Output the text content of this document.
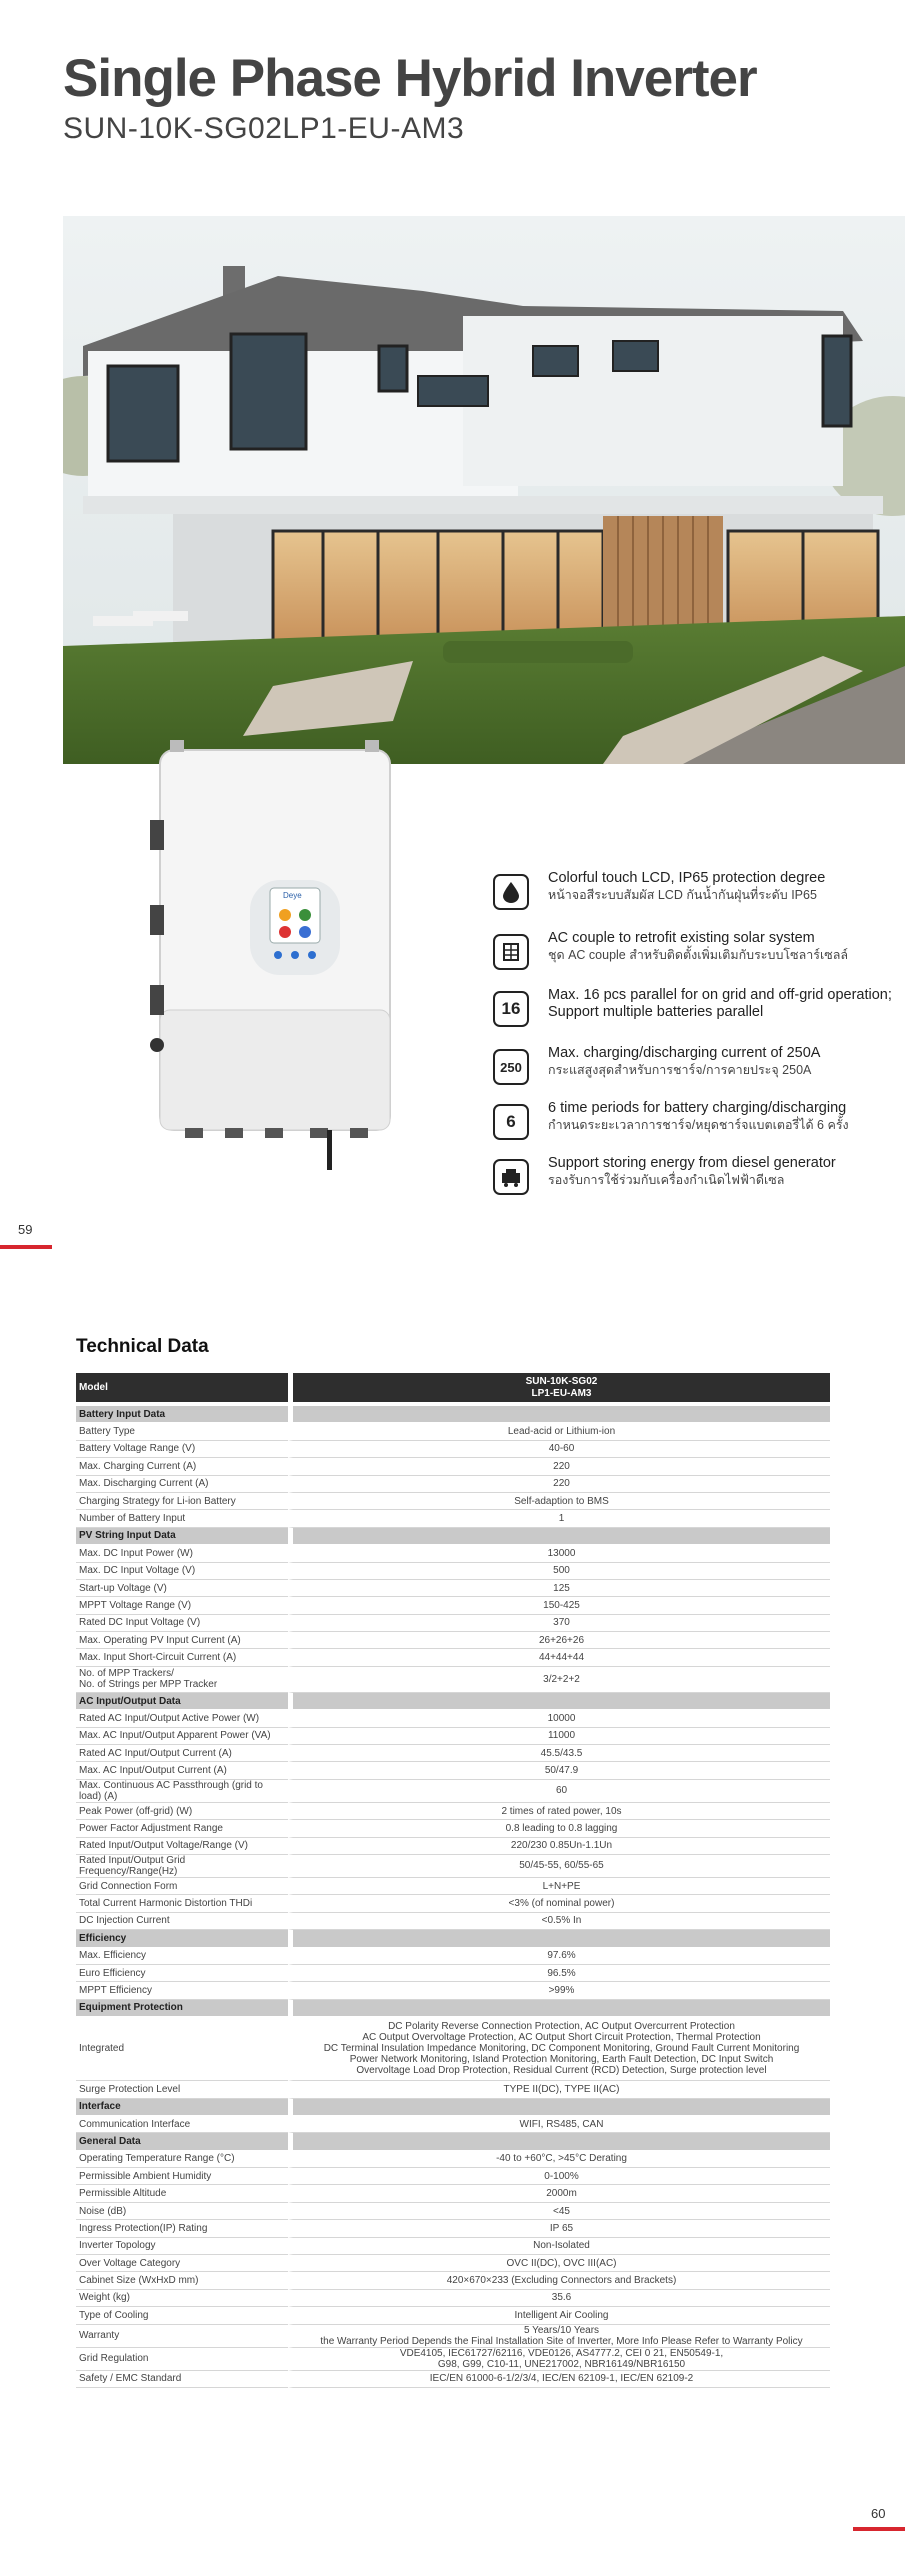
Single Phase Hybrid Inverter
SUN-10K-SG02LP1-EU-AM3
Deye
Colorful touch LCD, IP65 protection degree
หน้าจอสีระบบสัมผัส LCD กันน้ำกันฝุ่นที่ระดับ IP65
AC couple to retrofit existing solar system
ชุด AC couple สำหรับติดตั้งเพิ่มเติมกับระบบโซลาร์เซลล์
16
Max. 16 pcs parallel for on grid and off-grid operation; Support multiple batteries parallel
250
Max. charging/discharging current of 250A
กระแสสูงสุดสำหรับการชาร์จ/การคายประจุ 250A
6
6 time periods for battery charging/discharging
กำหนดระยะเวลาการชาร์จ/หยุดชาร์จแบตเตอรี่ได้ 6 ครั้ง
Support storing energy from diesel generator
รองรับการใช้ร่วมกับเครื่องกำเนิดไฟฟ้าดีเซล
59
Technical Data
Model	SUN-10K-SG02
LP1-EU-AM3

Battery Input Data	
Battery Type	Lead-acid or Lithium-ion
Battery Voltage Range (V)	40-60
Max. Charging Current (A)	220
Max. Discharging Current (A)	220
Charging Strategy for Li-ion Battery	Self-adaption to BMS
Number of Battery Input	1
PV String Input Data	
Max. DC Input Power (W)	13000
Max. DC Input Voltage (V)	500
Start-up Voltage (V)	125
MPPT Voltage Range (V)	150-425
Rated DC Input Voltage (V)	370
Max. Operating PV Input Current (A)	26+26+26
Max. Input Short-Circuit Current (A)	44+44+44
No. of MPP Trackers/
No. of Strings per MPP Tracker	3/2+2+2
AC Input/Output Data	
Rated AC Input/Output Active Power (W)	10000
Max. AC Input/Output Apparent Power (VA)	11000
Rated AC Input/Output Current (A)	45.5/43.5
Max. AC Input/Output Current (A)	50/47.9
Max. Continuous AC Passthrough (grid to load) (A)	60
Peak Power (off-grid) (W)	2 times of rated power, 10s
Power Factor Adjustment Range	0.8 leading to 0.8 lagging
Rated Input/Output Voltage/Range (V)	220/230 0.85Un-1.1Un
Rated Input/Output Grid Frequency/Range(Hz)	50/45-55, 60/55-65
Grid Connection Form	L+N+PE
Total Current Harmonic Distortion THDi	<3% (of nominal power)
DC Injection Current	<0.5% In
Efficiency	
Max. Efficiency	97.6%
Euro Efficiency	96.5%
MPPT Efficiency	>99%
Equipment Protection	
Integrated	DC Polarity Reverse Connection Protection, AC Output Overcurrent Protection
AC Output Overvoltage Protection, AC Output Short Circuit Protection, Thermal Protection
DC Terminal Insulation Impedance Monitoring, DC Component Monitoring, Ground Fault Current Monitoring
Power Network Monitoring, Island Protection Monitoring, Earth Fault Detection, DC Input Switch
Overvoltage Load Drop Protection, Residual Current (RCD) Detection, Surge protection level
Surge Protection Level	TYPE II(DC), TYPE II(AC)
Interface	
Communication Interface	WIFI, RS485, CAN
General Data	
Operating Temperature Range (°C)	-40 to +60°C, >45°C Derating
Permissible Ambient Humidity	0-100%
Permissible Altitude	2000m
Noise (dB)	<45
Ingress Protection(IP) Rating	IP 65
Inverter Topology	Non-Isolated
Over Voltage Category	OVC II(DC), OVC III(AC)
Cabinet Size (WxHxD mm)	420×670×233 (Excluding Connectors and Brackets)
Weight (kg)	35.6
Type of Cooling	Intelligent Air Cooling
Warranty	5 Years/10 Years
the Warranty Period Depends the Final Installation Site of Inverter, More Info Please Refer to Warranty Policy
Grid Regulation	VDE4105, IEC61727/62116, VDE0126, AS4777.2, CEI 0 21, EN50549-1,
G98, G99, C10-11, UNE217002, NBR16149/NBR16150
Safety / EMC Standard	IEC/EN 61000-6-1/2/3/4, IEC/EN 62109-1, IEC/EN 62109-2
60
